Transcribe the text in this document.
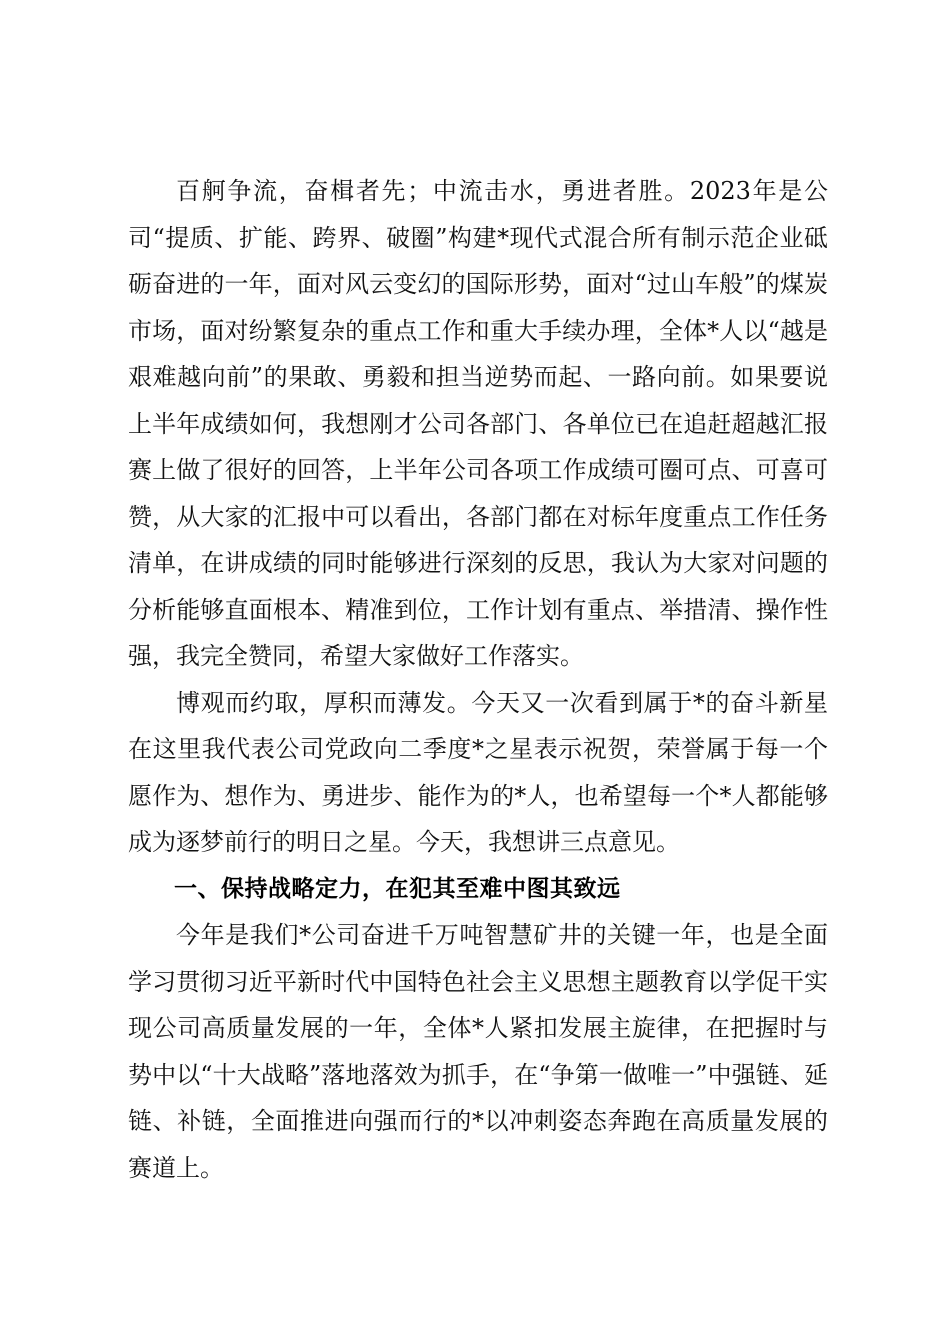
百舸争流，奋楫者先；中流击水，勇进者胜。2023年是公司“提质、扩能、跨界、破圈”构建*现代式混合所有制示范企业砥砺奋进的一年，面对风云变幻的国际形势，面对“过山车般”的煤炭市场，面对纷繁复杂的重点工作和重大手续办理，全体*人以“越是艰难越向前”的果敢、勇毅和担当逆势而起、一路向前。如果要说上半年成绩如何，我想刚才公司各部门、各单位已在追赶超越汇报赛上做了很好的回答，上半年公司各项工作成绩可圈可点、可喜可赞，从大家的汇报中可以看出，各部门都在对标年度重点工作任务清单，在讲成绩的同时能够进行深刻的反思，我认为大家对问题的分析能够直面根本、精准到位，工作计划有重点、举措清、操作性强，我完全赞同，希望大家做好工作落实。

博观而约取，厚积而薄发。今天又一次看到属于*的奋斗新星在这里我代表公司党政向二季度*之星表示祝贺，荣誉属于每一个愿作为、想作为、勇进步、能作为的*人，也希望每一个*人都能够成为逐梦前行的明日之星。今天，我想讲三点意见。

一、保持战略定力，在犯其至难中图其致远

今年是我们*公司奋进千万吨智慧矿井的关键一年，也是全面学习贯彻习近平新时代中国特色社会主义思想主题教育以学促干实现公司高质量发展的一年，全体*人紧扣发展主旋律，在把握时与势中以“十大战略”落地落效为抓手，在“争第一做唯一”中强链、延链、补链，全面推进向强而行的*以冲刺姿态奔跑在高质量发展的赛道上。
